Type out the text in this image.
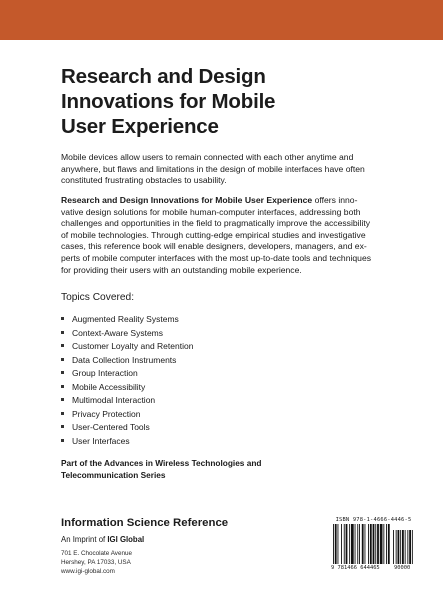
Research and Design
Innovations for Mobile
User Experience
Mobile devices allow users to remain connected with each other anytime and
anywhere, but flaws and limitations in the design of mobile interfaces have often
constituted frustrating obstacles to usability.
Research and Design Innovations for Mobile User Experience offers inno-
vative design solutions for mobile human-computer interfaces, addressing both
challenges and opportunities in the field to pragmatically improve the accessibility
of mobile technologies. Through cutting-edge empirical studies and investigative
cases, this reference book will enable designers, developers, managers, and ex-
perts of mobile computer interfaces with the most up-to-date tools and techniques
for providing their users with an outstanding mobile experience.
Topics Covered:
Augmented Reality Systems
Context-Aware Systems
Customer Loyalty and Retention
Data Collection Instruments
Group Interaction
Mobile Accessibility
Multimodal Interaction
Privacy Protection
User-Centered Tools
User Interfaces
Part of the Advances in Wireless Technologies and
Telecommunication Series
Information Science Reference
An Imprint of IGI Global
701 E. Chocolate Avenue
Hershey, PA 17033, USA
www.igi-global.com
ISBN 978-1-4666-4446-5
9 781466 644465	90000
